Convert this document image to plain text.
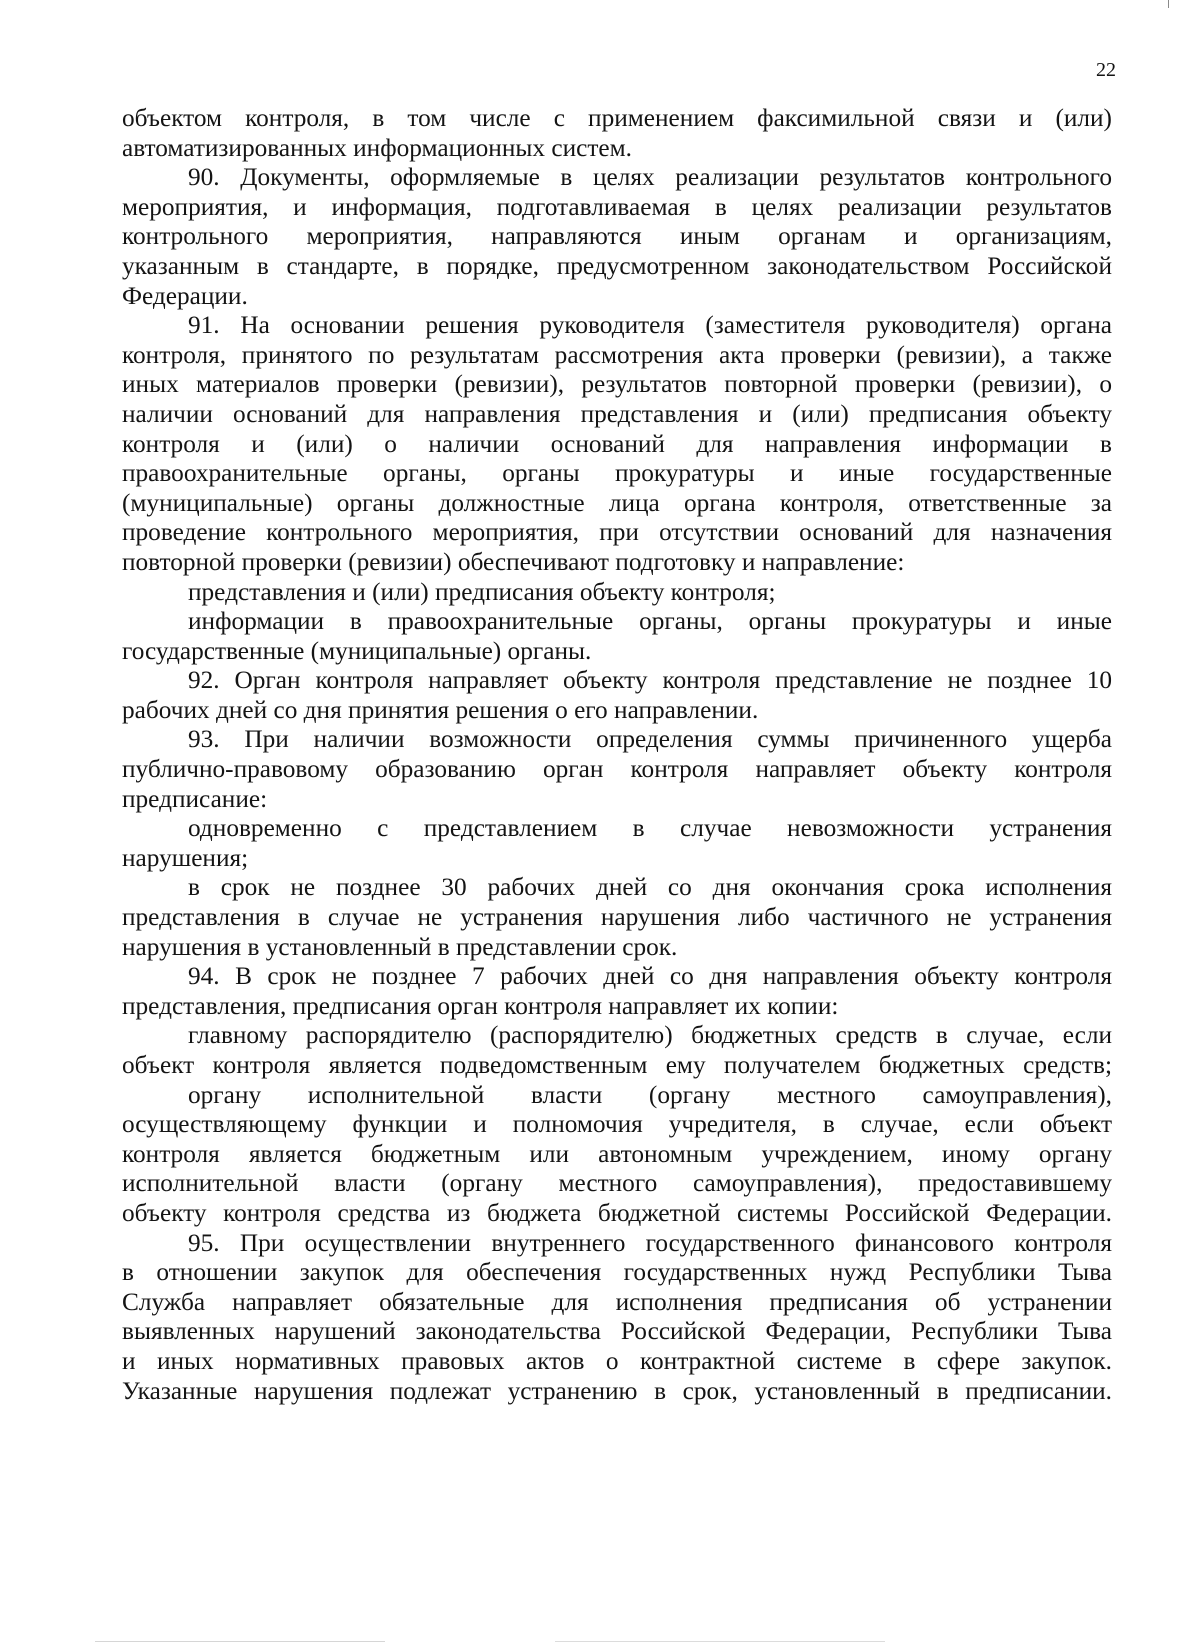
22
объектом контроля, в том числе с применением факсимильной связи и (или)
автоматизированных информационных систем.
90. Документы, оформляемые в целях реализации результатов контрольного
мероприятия, и информация, подготавливаемая в целях реализации результатов
контрольного мероприятия, направляются иным органам и организациям,
указанным в стандарте, в порядке, предусмотренном законодательством Российской
Федерации.
91. На основании решения руководителя (заместителя руководителя) органа
контроля, принятого по результатам рассмотрения акта проверки (ревизии), а также
иных материалов проверки (ревизии), результатов повторной проверки (ревизии), о
наличии оснований для направления представления и (или) предписания объекту
контроля и (или) о наличии оснований для направления информации в
правоохранительные органы, органы прокуратуры и иные государственные
(муниципальные) органы должностные лица органа контроля, ответственные за
проведение контрольного мероприятия, при отсутствии оснований для назначения
повторной проверки (ревизии) обеспечивают подготовку и направление:
представления и (или) предписания объекту контроля;
информации в правоохранительные органы, органы прокуратуры и иные
государственные (муниципальные) органы.
92. Орган контроля направляет объекту контроля представление не позднее 10
рабочих дней со дня принятия решения о его направлении.
93. При наличии возможности определения суммы причиненного ущерба
публично-правовому образованию орган контроля направляет объекту контроля
предписание:
одновременно с представлением в случае невозможности устранения
нарушения;
в срок не позднее 30 рабочих дней со дня окончания срока исполнения
представления в случае не устранения нарушения либо частичного не устранения
нарушения в установленный в представлении срок.
94. В срок не позднее 7 рабочих дней со дня направления объекту контроля
представления, предписания орган контроля направляет их копии:
главному распорядителю (распорядителю) бюджетных средств в случае, если
объект контроля является подведомственным ему получателем бюджетных средств;
органу исполнительной власти (органу местного самоуправления),
осуществляющему функции и полномочия учредителя, в случае, если объект
контроля является бюджетным или автономным учреждением, иному органу
исполнительной власти (органу местного самоуправления), предоставившему
объекту контроля средства из бюджета бюджетной системы Российской Федерации.
95. При осуществлении внутреннего государственного финансового контроля
в отношении закупок для обеспечения государственных нужд Республики Тыва
Служба направляет обязательные для исполнения предписания об устранении
выявленных нарушений законодательства Российской Федерации, Республики Тыва
и иных нормативных правовых актов о контрактной системе в сфере закупок.
Указанные нарушения подлежат устранению в срок, установленный в предписании.
